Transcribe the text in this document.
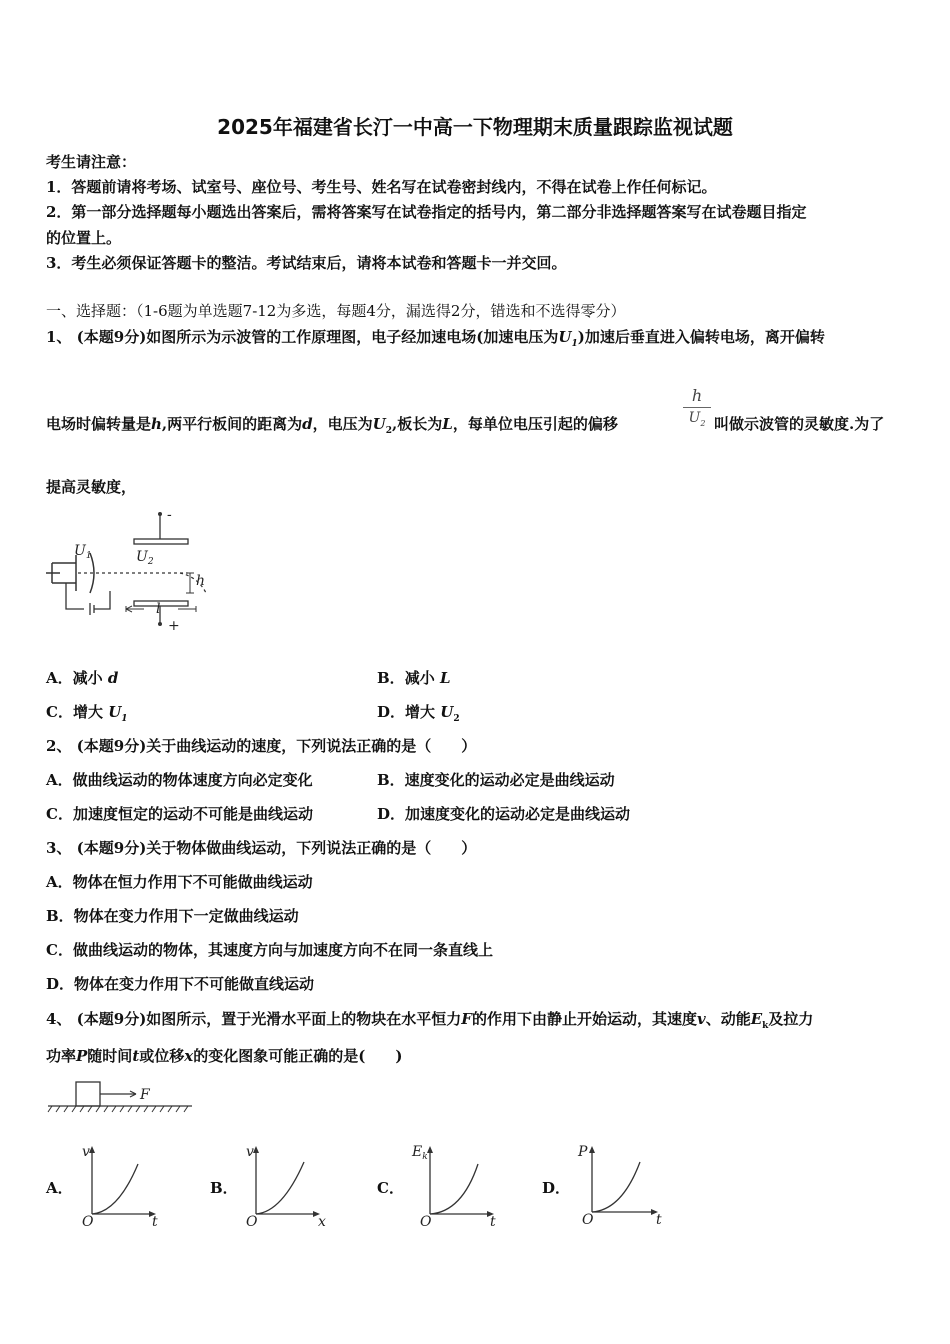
2025年福建省长汀一中高一下物理期末质量跟踪监视试题
考生请注意：
1．答题前请将考场、试室号、座位号、考生号、姓名写在试卷密封线内，不得在试卷上作任何标记。
2．第一部分选择题每小题选出答案后，需将答案写在试卷指定的括号内，第二部分非选择题答案写在试卷题目指定
的位置上。
3．考生必须保证答题卡的整洁。考试结束后，请将本试卷和答题卡一并交回。
一、选择题：（1-6题为单选题7-12为多选，每题4分，漏选得2分，错选和不选得零分）
1、 (本题9分)如图所示为示波管的工作原理图，电子经加速电场(加速电压为$U_1$)加速后垂直进入偏转电场，离开偏转
电场时偏转量是h,两平行板间的距离为d，电压为$U_2$,板长为L，每单位电压引起的偏移
h
$U_2$ 叫做示波管的灵敏度.为了
提高灵敏度，
-
+
l
h
$U_1$	$U_2$
A．减小 d	B．减小 L
C．增大 $U_1$	D．增大 $U_2$
2、 (本题9分)关于曲线运动的速度，下列说法正确的是（　　）
A．做曲线运动的物体速度方向必定变化	B．速度变化的运动必定是曲线运动
C．加速度恒定的运动不可能是曲线运动	D．加速度变化的运动必定是曲线运动
3、 (本题9分)关于物体做曲线运动，下列说法正确的是（　　）
A．物体在恒力作用下不可能做曲线运动
B．物体在变力作用下一定做曲线运动
C．做曲线运动的物体，其速度方向与加速度方向不在同一条直线上
D．物体在变力作用下不可能做直线运动
4、 (本题9分)如图所示，置于光滑水平面上的物块在水平恒力F的作用下由静止开始运动，其速度v、动能$E_k$及拉力
功率P随时间t或位移x的变化图象可能正确的是(　　)
F
A．
O	t
v
B．
O	x
v
C．
O	t
$E_k$
D．
O	t
P
